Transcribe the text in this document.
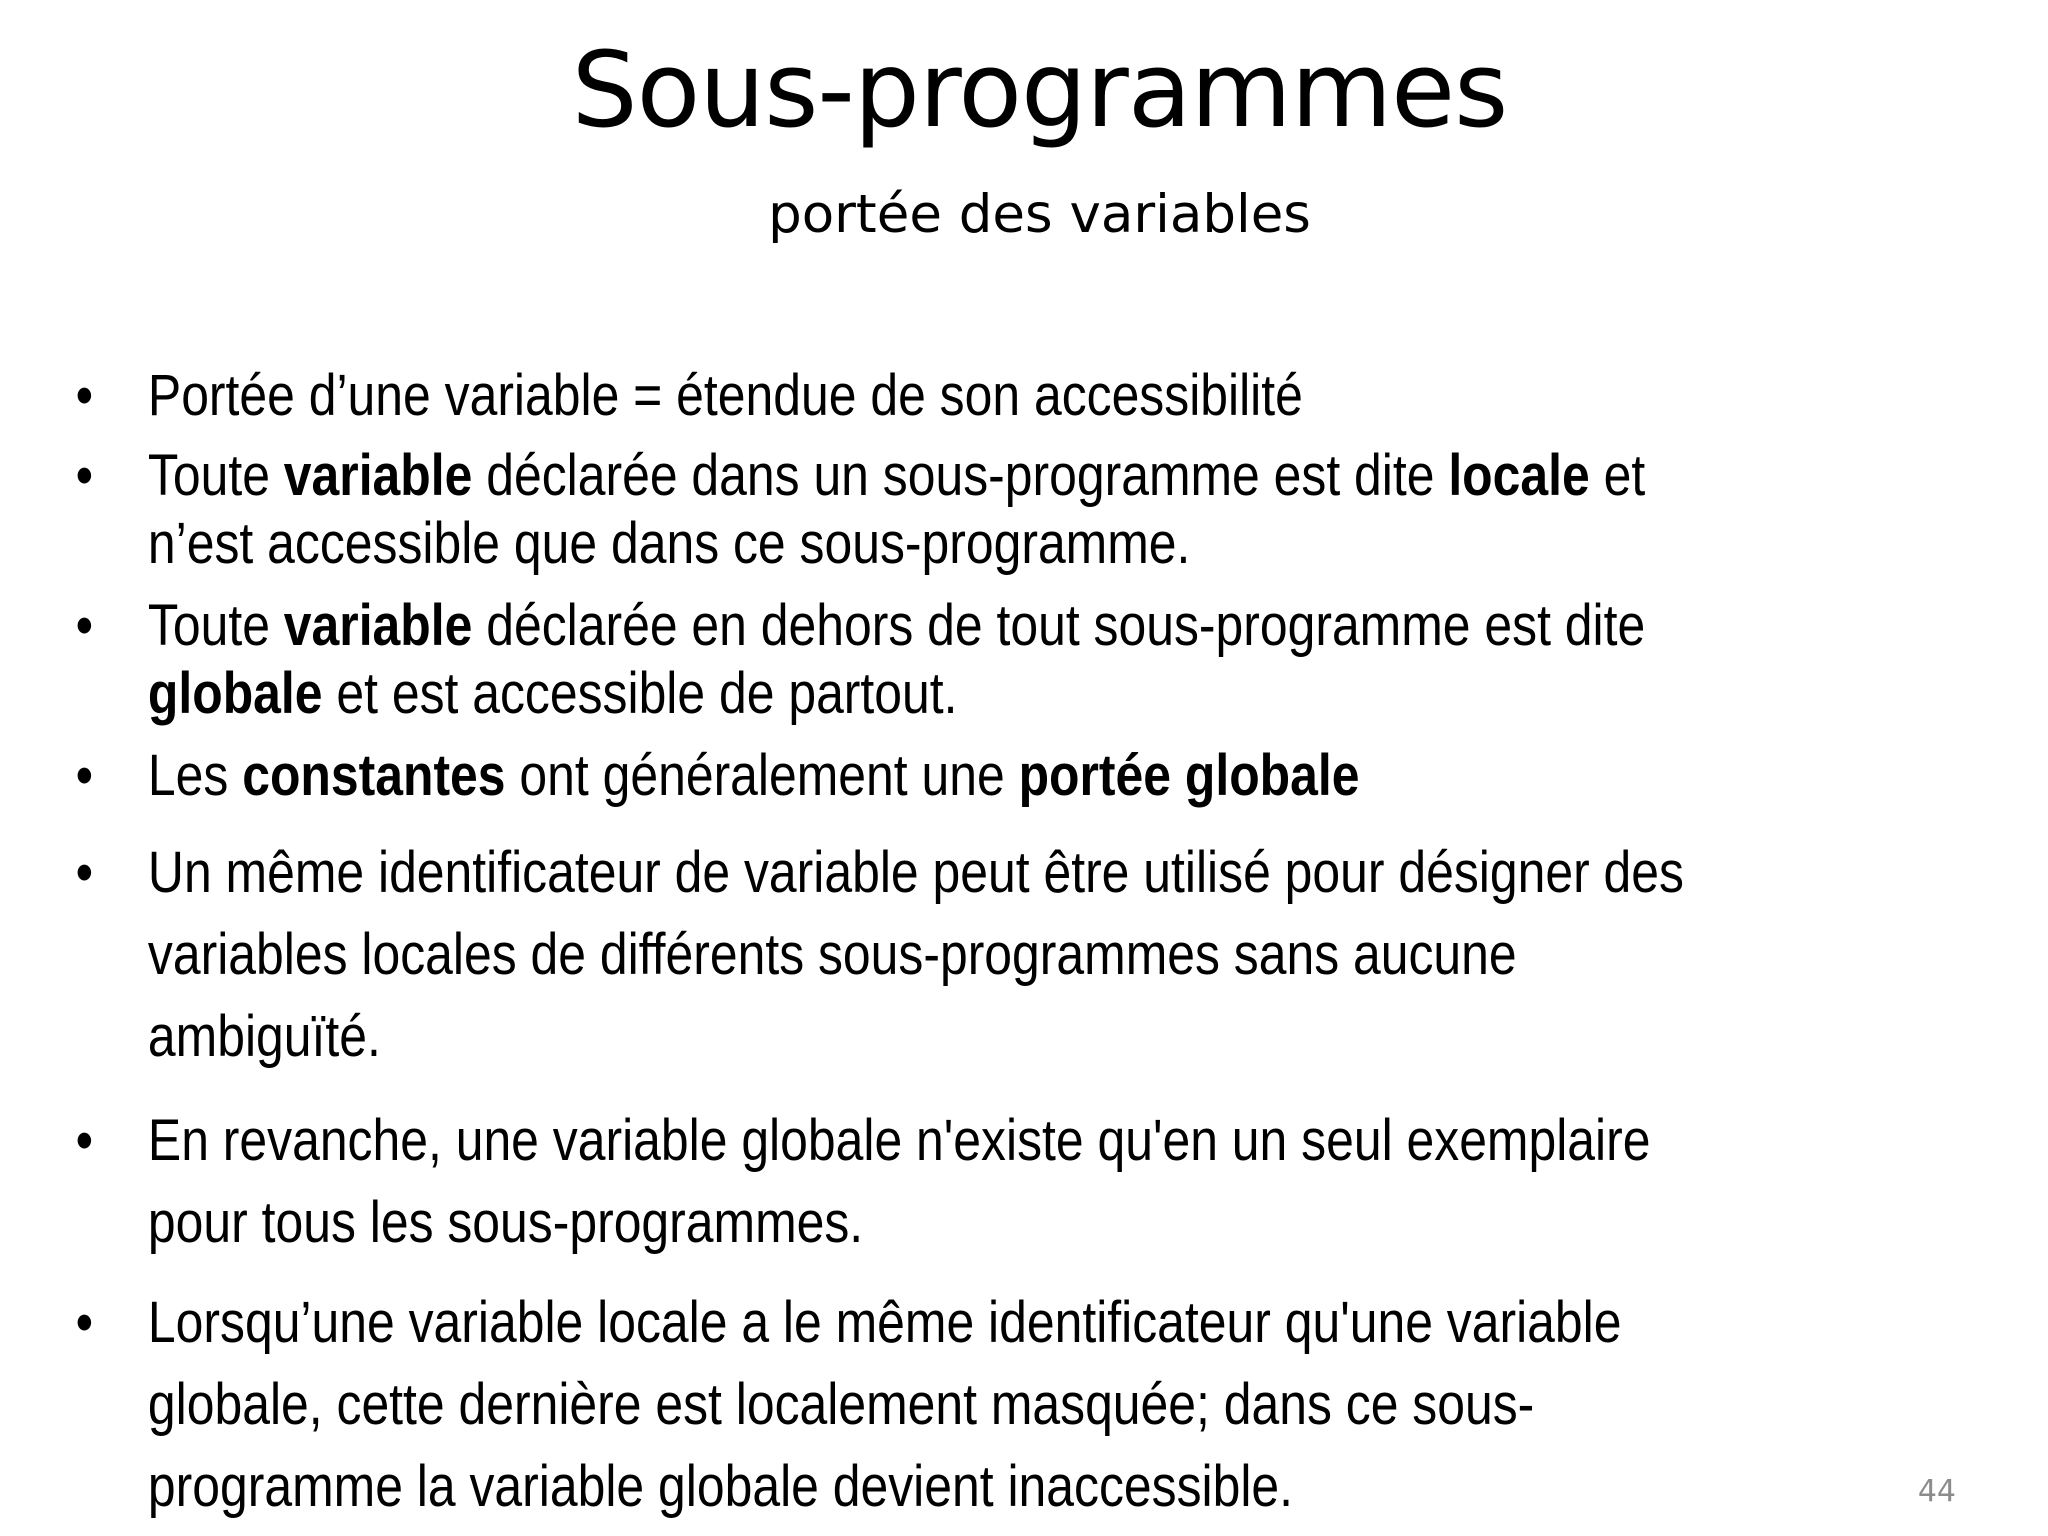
Sous-programmes
portée des variables
• Portée d’une variable = étendue de son accessibilité
• Toute variable déclarée dans un sous-programme est dite locale et
n’est accessible que dans ce sous-programme.
• Toute variable déclarée en dehors de tout sous-programme est dite
globale et est accessible de partout.
• Les constantes ont généralement une portée globale
• Un même identificateur de variable peut être utilisé pour désigner des
variables locales de différents sous-programmes sans aucune
ambiguïté.
• En revanche, une variable globale n'existe qu'en un seul exemplaire
pour tous les sous-programmes.
• Lorsqu’une variable locale a le même identificateur qu'une variable
globale, cette dernière est localement masquée; dans ce sous-
programme la variable globale devient inaccessible.	44
